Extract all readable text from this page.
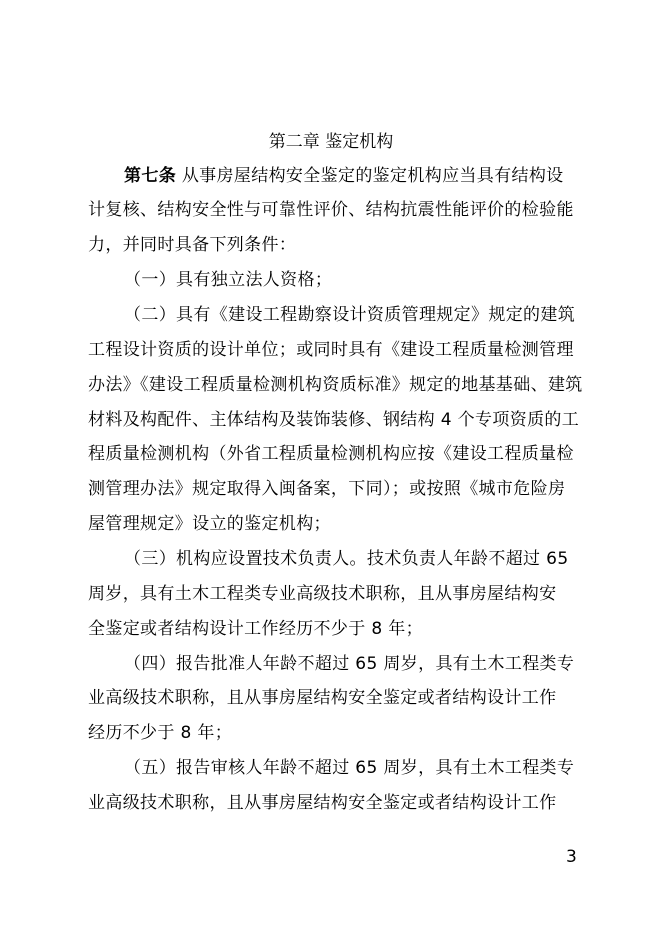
第二章 鉴定机构
第七条 从事房屋结构安全鉴定的鉴定机构应当具有结构设
计复核、结构安全性与可靠性评价、结构抗震性能评价的检验能
力，并同时具备下列条件：
（一）具有独立法人资格；
（二）具有《建设工程勘察设计资质管理规定》规定的建筑
工程设计资质的设计单位；或同时具有《建设工程质量检测管理
办法》《建设工程质量检测机构资质标准》规定的地基基础、建筑
材料及构配件、主体结构及装饰装修、钢结构 4 个专项资质的工
程质量检测机构（外省工程质量检测机构应按《建设工程质量检
测管理办法》规定取得入闽备案，下同）；或按照《城市危险房
屋管理规定》设立的鉴定机构；
（三）机构应设置技术负责人。技术负责人年龄不超过 65
周岁，具有土木工程类专业高级技术职称，且从事房屋结构安
全鉴定或者结构设计工作经历不少于 8 年；
（四）报告批准人年龄不超过 65 周岁，具有土木工程类专
业高级技术职称，且从事房屋结构安全鉴定或者结构设计工作
经历不少于 8 年；
（五）报告审核人年龄不超过 65 周岁，具有土木工程类专
业高级技术职称，且从事房屋结构安全鉴定或者结构设计工作
3
